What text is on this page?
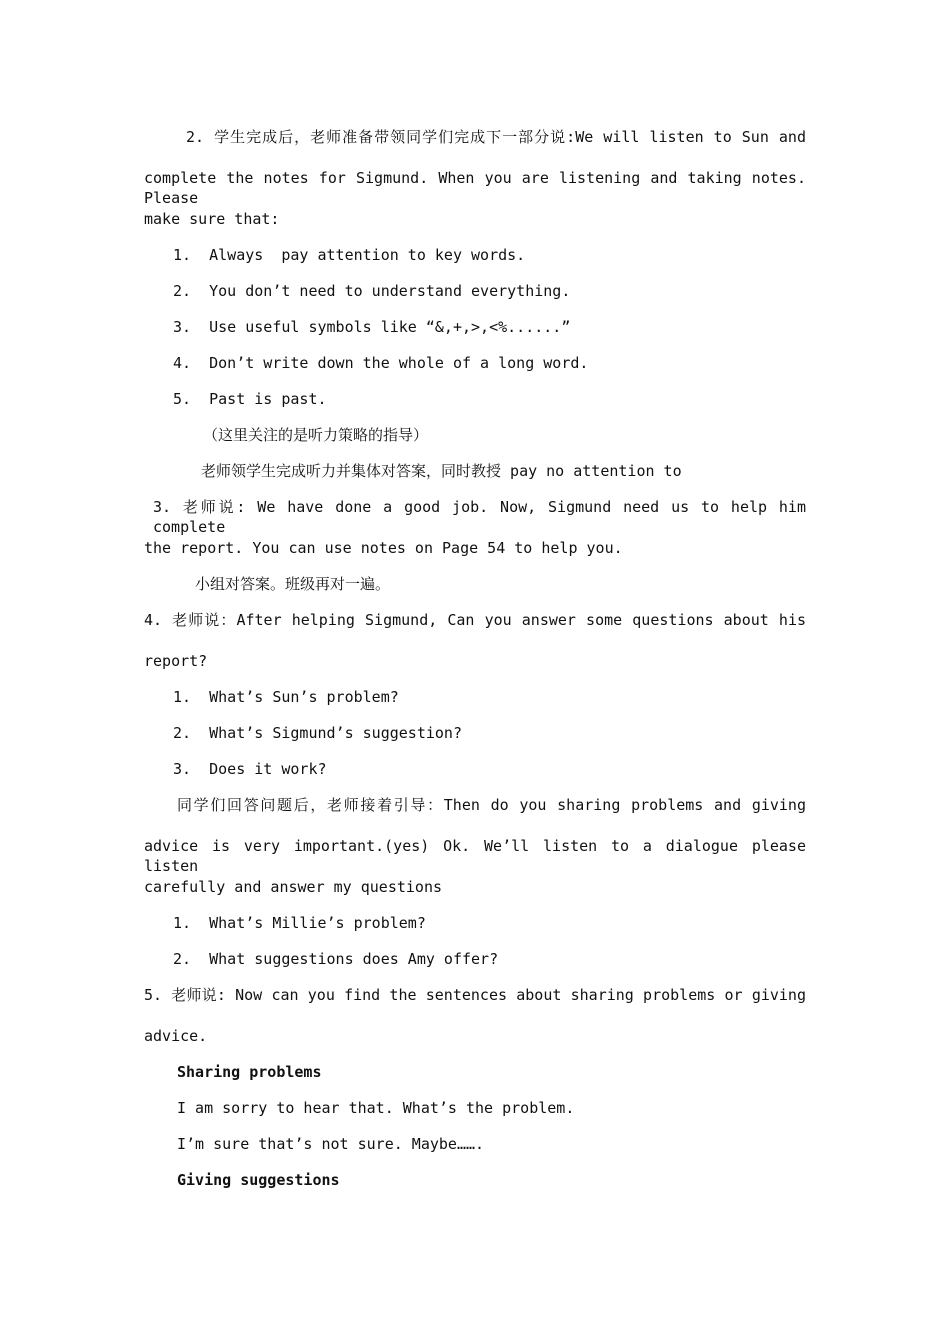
2. 学生完成后，老师准备带领同学们完成下一部分说:We will listen to Sun and
complete the notes for Sigmund. When you are listening and taking notes. Please
make sure that:
1.  Always  pay attention to key words.
2.  You don’t need to understand everything.
3.  Use useful symbols like “&,+,>,<%......”
4.  Don’t write down the whole of a long word.
5.  Past is past.
（这里关注的是听力策略的指导）
老师领学生完成听力并集体对答案，同时教授 pay no attention to
3. 老师说: We have done a good job. Now, Sigmund need us to help him complete
the report. You can use notes on Page 54 to help you.
小组对答案。班级再对一遍。
4. 老师说：After helping Sigmund, Can you answer some questions about his
report?
1.  What’s Sun’s problem?
2.  What’s Sigmund’s suggestion?
3.  Does it work?
同学们回答问题后，老师接着引导：Then do you sharing problems and giving
advice is very important.(yes) Ok. We’ll listen to a dialogue please listen
carefully and answer my questions
1.  What’s Millie’s problem?
2.  What suggestions does Amy offer?
5. 老师说: Now can you find the sentences about sharing problems or giving
advice.
Sharing problems
I am sorry to hear that. What’s the problem.
I’m sure that’s not sure. Maybe…….
Giving suggestions
